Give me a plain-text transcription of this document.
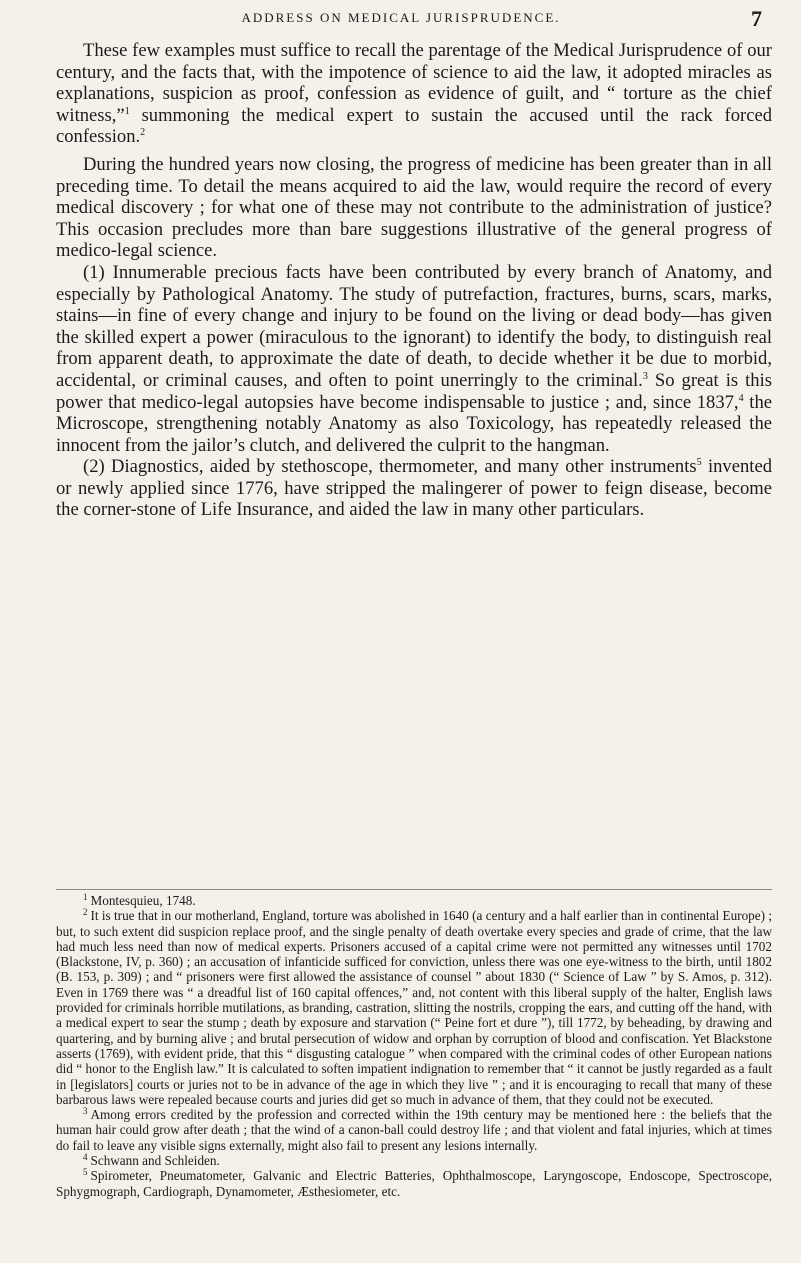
ADDRESS ON MEDICAL JURISPRUDENCE.	7

These few examples must suffice to recall the parentage of the Medical Jurisprudence of our century, and the facts that, with the impotence of science to aid the law, it adopted miracles as explanations, suspicion as proof, confession as evidence of guilt, and “ torture as the chief witness,”$^1$ summoning the medical expert to sustain the accused until the rack forced confession.$^2$

During the hundred years now closing, the progress of medicine has been greater than in all preceding time. To detail the means acquired to aid the law, would require the record of every medical discovery ; for what one of these may not contribute to the administration of justice? This occasion precludes more than bare suggestions illustrative of the general progress of medico-legal science.

(1) Innumerable precious facts have been contributed by every branch of Anatomy, and especially by Pathological Anatomy. The study of putrefaction, fractures, burns, scars, marks, stains—in fine of every change and injury to be found on the living or dead body—has given the skilled expert a power (miraculous to the ignorant) to identify the body, to distinguish real from apparent death, to approximate the date of death, to decide whether it be due to morbid, accidental, or criminal causes, and often to point unerringly to the criminal.$^3$ So great is this power that medico-legal autopsies have become indispensable to justice ; and, since 1837,$^4$ the Microscope, strengthening notably Anatomy as also Toxicology, has repeatedly released the innocent from the jailor’s clutch, and delivered the culprit to the hangman.

(2) Diagnostics, aided by stethoscope, thermometer, and many other instruments$^5$ invented or newly applied since 1776, have stripped the malingerer of power to feign disease, become the corner-stone of Life Insurance, and aided the law in many other particulars.

$^1$ Montesquieu, 1748.

$^2$ It is true that in our motherland, England, torture was abolished in 1640 (a century and a half earlier than in continental Europe) ; but, to such extent did suspicion replace proof, and the single penalty of death overtake every species and grade of crime, that the law had much less need than now of medical experts. Prisoners accused of a capital crime were not permitted any witnesses until 1702 (Blackstone, IV, p. 360) ; an accusation of infanticide sufficed for conviction, unless there was one eye-witness to the birth, until 1802 (B. 153, p. 309) ; and “ prisoners were first allowed the assistance of counsel ” about 1830 (“ Science of Law ” by S. Amos, p. 312). Even in 1769 there was “ a dreadful list of 160 capital offences,” and, not content with this liberal supply of the halter, English laws provided for criminals horrible mutilations, as branding, castration, slitting the nostrils, cropping the ears, and cutting off the hand, with a medical expert to sear the stump ; death by exposure and starvation (“ Peine fort et dure ”), till 1772, by beheading, by drawing and quartering, and by burning alive ; and brutal persecution of widow and orphan by corruption of blood and confiscation. Yet Blackstone asserts (1769), with evident pride, that this “ disgusting catalogue ” when compared with the criminal codes of other European nations did “ honor to the English law.” It is calculated to soften impatient indignation to remember that “ it cannot be justly regarded as a fault in [legislators] courts or juries not to be in advance of the age in which they live ” ; and it is encouraging to recall that many of these barbarous laws were repealed because courts and juries did get so much in advance of them, that they could not be executed.

$^3$ Among errors credited by the profession and corrected within the 19th century may be mentioned here : the beliefs that the human hair could grow after death ; that the wind of a canon-ball could destroy life ; and that violent and fatal injuries, which at times do fail to leave any visible signs externally, might also fail to present any lesions internally.

$^4$ Schwann and Schleiden.

$^5$ Spirometer, Pneumatometer, Galvanic and Electric Batteries, Ophthalmoscope, Laryngoscope, Endoscope, Spectroscope, Sphygmograph, Cardiograph, Dynamometer, Æsthesiometer, etc.
